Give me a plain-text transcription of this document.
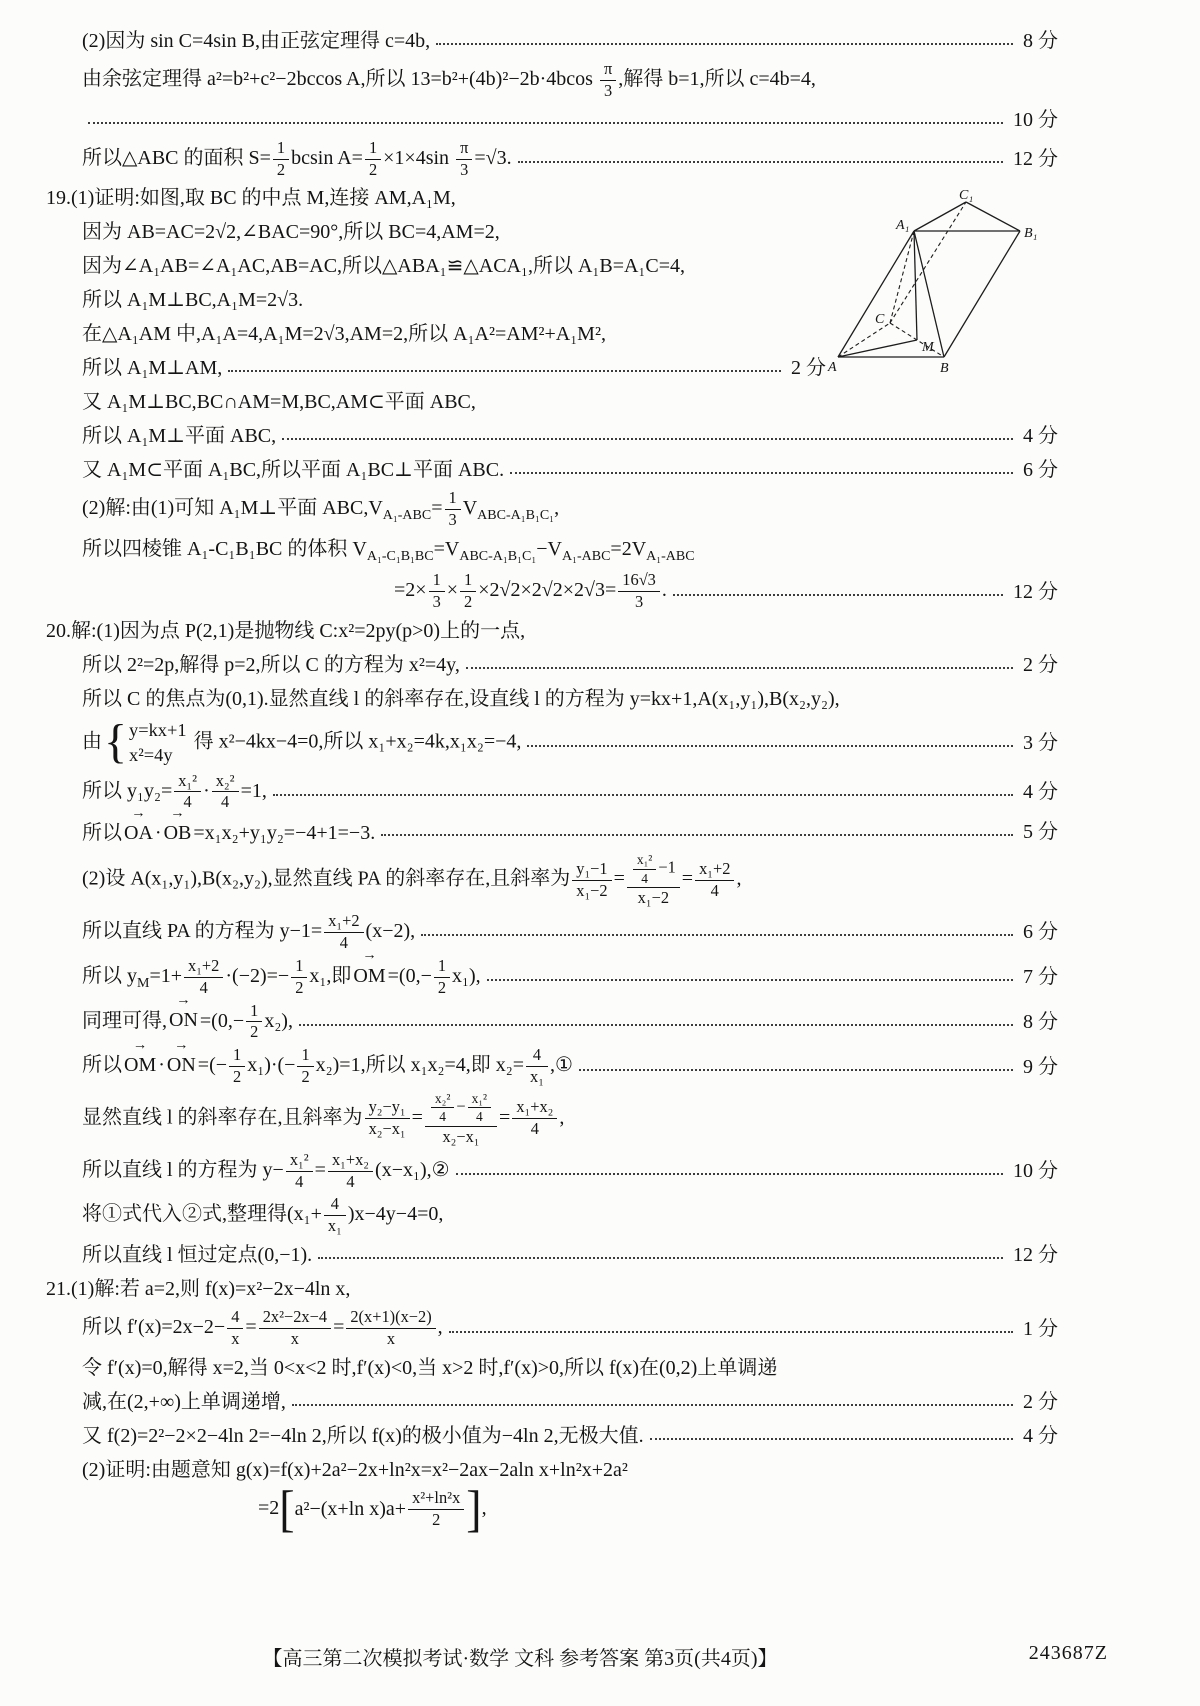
(2)因为 sin C=4sin B,由正弦定理得 c=4b,	8 分
由余弦定理得 a²=b²+c²−2bccos A,所以 $13=b^2+(4b)^2-2b\cdot 4bcos \frac{\pi}{3}$ ,解得 b=1,所以 c=4b=4,
10 分
所以△ABC 的面积 $S= \frac{1}{2}$ bcsin $A= \frac{1}{2} \times 1\times 4\sin \frac{\pi}{3} =√3$.	12 分
19.(1)证明:如图,取 BC 的中点 M,连接 AM,A₁M,
因为 AB=AC=2√2,∠BAC=90°,所以 BC=4,AM=2,
因为∠A₁AB=∠A₁AC,AB=AC,所以△ABA₁≌△ACA₁,所以 A₁B=A₁C=4,
所以 A₁M⊥BC,A₁M=2√3.
在△A₁AM 中,A₁A=4,A₁M=2√3,AM=2,所以 A₁A²=AM²+A₁M²,
所以 A₁M⊥AM,	2 分
又 A₁M⊥BC,BC∩AM=M,BC,AM⊂平面 ABC,
A	B
C
M
A₁
B₁
C₁
所以 A₁M⊥平面 ABC,	4 分
又 A₁M⊂平面 A₁BC,所以平面 A₁BC⊥平面 ABC.	6 分
(2)解:由(1)可知 A₁M⊥平面 $ABC,V_{A_1-ABC}= \frac{1}{3} V_{ABC-A_1B_1C_1}$,
所以四棱锥 A₁-C₁B₁BC 的体积 $V_{A_1-C_1B_1BC}=V_{ABC-A_1B_1C_1}-V_{A_1-ABC}=2V_{A_1-ABC}$
$=2\times \frac{1}{3} \times \frac{1}{2} \times 2√2\times 2√2\times 2√3= \frac{16√3}{3}$ .	12 分
20.解:(1)因为点 P(2,1)是抛物线 C:x²=2py(p>0)上的一点,
所以 2²=2p,解得 p=2,所以 C 的方程为 x²=4y,	2 分
所以 C 的焦点为(0,1).显然直线 l 的斜率存在,设直线 l 的方程为 y=kx+1,A(x₁,y₁),B(x₂,y₂),
由 { y=kx+1
x²=4y
得 x²−4kx−4=0,所以 x₁+x₂=4k,x₁x₂=−4,	3 分
所以 $y_1y_2= \frac{\text{x₁²}}{4} \cdot \frac{\text{x₂²}}{4} =1$,	4 分
所以 → OA · → OB =x₁x₂+y₁y₂=−4+1=−3.	5 分
(2)设 A(x₁,y₁),B(x₂,y₂),显然直线 PA 的斜率存在,且斜率为 $\frac{\text{y₁−1}}{\text{x₁−2}} = \frac{\frac{\text{x₁²}}{4} -1}{\text{x₁−2}} = \frac{\text{x₁+2}}{4}$ ,
所以直线 PA 的方程为 $y-1= \frac{\text{x₁+2}}{4} (x-2)$,	6 分
所以 $y_M=1+ \frac{\text{x₁+2}}{4} \cdot(-2)=- \frac{1}{2} x_1$,即 → OM $=(0,- \frac{1}{2} x_1)$,	7 分
同理可得, → ON $=(0,- \frac{1}{2} x_2)$,	8 分
所以 → OM · → ON =(− $\frac{1}{2} x_1)\cdot(- \frac{1}{2} x_2)=1$,所以 x₁x₂=4,即 $x_2= \frac{4}{\text{x₁}}$ ,①	9 分
显然直线 l 的斜率存在,且斜率为 $\frac{\text{y₂−y₁}}{\text{x₂−x₁}} = \frac{\frac{\text{x₂²}}{4} - \frac{\text{x₁²}}{4}}{\text{x₂−x₁}} = \frac{\text{x₁+x₂}}{4}$ ,
所以直线 l 的方程为 $y- \frac{\text{x₁²}}{4} = \frac{\text{x₁+x₂}}{4}$ (x−x₁),②	10 分
将①式代入②式,整理得$(x_1+ \frac{4}{\text{x₁}} )x-4y-4=0$,
所以直线 l 恒过定点(0,−1).	12 分
21.(1)解:若 a=2,则 f(x)=x²−2x−4ln x,
所以 $f'(x)=2x-2- \frac{4}{x} = \frac{\text{2x²−2x−4}}{x} = \frac{2(x+1)(x-2)}{x}$ ,	1 分
令 f′(x)=0,解得 x=2,当 0<x<2 时,f′(x)<0,当 x>2 时,f′(x)>0,所以 f(x)在(0,2)上单调递
减,在(2,+∞)上单调递增,	2 分
又 f(2)=2²−2×2−4ln 2=−4ln 2,所以 f(x)的极小值为−4ln 2,无极大值.	4 分
(2)证明:由题意知 g(x)=f(x)+2a²−2x+ln²x=x²−2ax−2aln x+ln²x+2a²
=2 [ a²−(x+ln $x)a+ \frac{\text{x²+ln²x}}{2}$ ] ,
【高三第二次模拟考试·数学 文科 参考答案 第3页(共4页)】	243687Z
